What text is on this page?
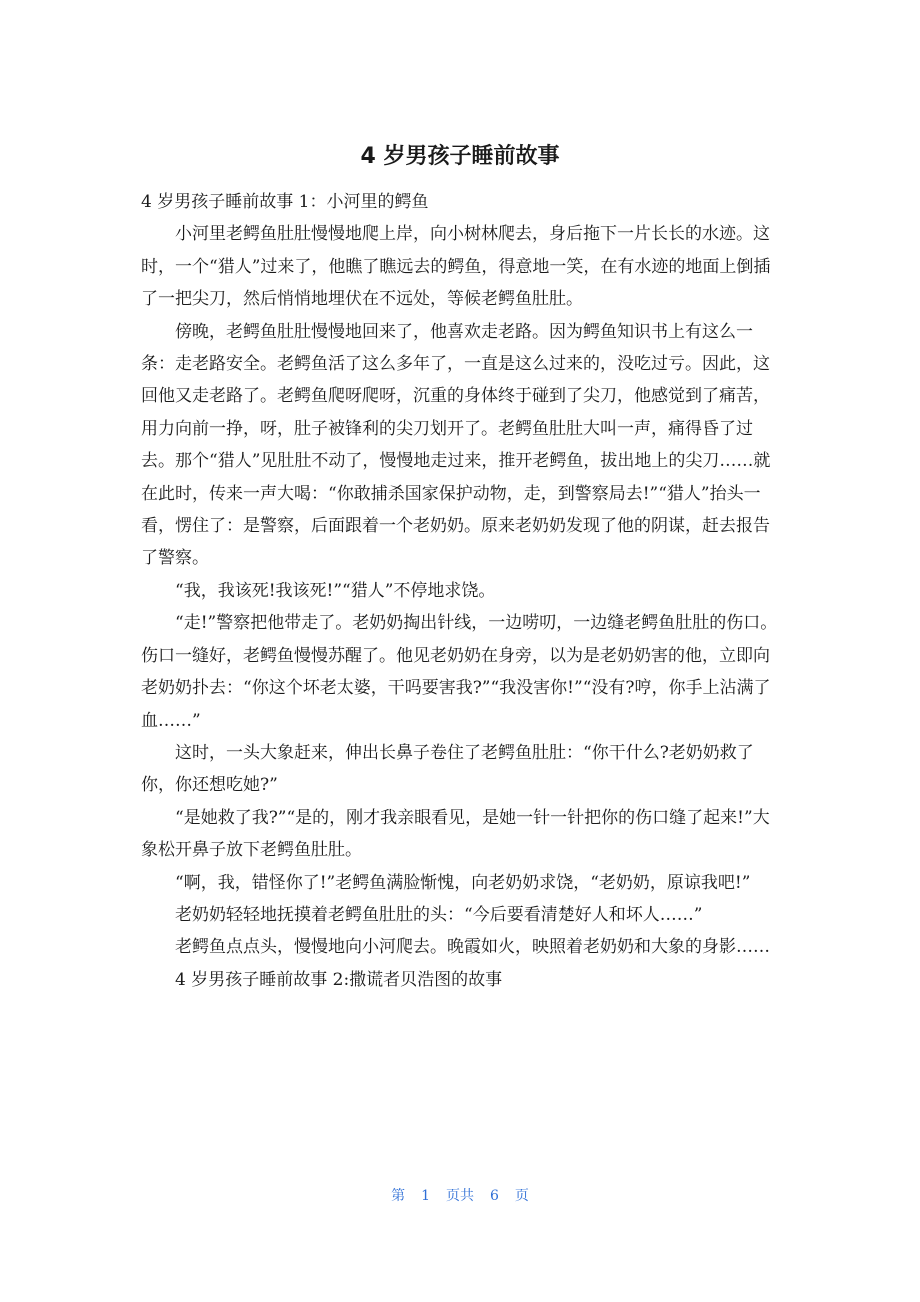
4 岁男孩子睡前故事

4 岁男孩子睡前故事 1：小河里的鳄鱼

小河里老鳄鱼肚肚慢慢地爬上岸，向小树林爬去，身后拖下一片长长的水迹。这时，一个“猎人”过来了，他瞧了瞧远去的鳄鱼，得意地一笑，在有水迹的地面上倒插了一把尖刀，然后悄悄地埋伏在不远处，等候老鳄鱼肚肚。

傍晚，老鳄鱼肚肚慢慢地回来了，他喜欢走老路。因为鳄鱼知识书上有这么一条：走老路安全。老鳄鱼活了这么多年了，一直是这么过来的，没吃过亏。因此，这回他又走老路了。老鳄鱼爬呀爬呀，沉重的身体终于碰到了尖刀，他感觉到了痛苦，用力向前一挣，呀，肚子被锋利的尖刀划开了。老鳄鱼肚肚大叫一声，痛得昏了过去。那个“猎人”见肚肚不动了，慢慢地走过来，推开老鳄鱼，拔出地上的尖刀……就在此时，传来一声大喝：“你敢捕杀国家保护动物，走，到警察局去!”“猎人”抬头一看，愣住了：是警察，后面跟着一个老奶奶。原来老奶奶发现了他的阴谋，赶去报告了警察。

“我，我该死!我该死!”“猎人”不停地求饶。

“走!”警察把他带走了。老奶奶掏出针线，一边唠叨，一边缝老鳄鱼肚肚的伤口。伤口一缝好，老鳄鱼慢慢苏醒了。他见老奶奶在身旁，以为是老奶奶害的他，立即向老奶奶扑去：“你这个坏老太婆，干吗要害我?”“我没害你!”“没有?哼，你手上沾满了血……”

这时，一头大象赶来，伸出长鼻子卷住了老鳄鱼肚肚：“你干什么?老奶奶救了你，你还想吃她?”

“是她救了我?”“是的，刚才我亲眼看见，是她一针一针把你的伤口缝了起来!”大象松开鼻子放下老鳄鱼肚肚。

“啊，我，错怪你了!”老鳄鱼满脸惭愧，向老奶奶求饶，“老奶奶，原谅我吧!”

老奶奶轻轻地抚摸着老鳄鱼肚肚的头：“今后要看清楚好人和坏人……”

老鳄鱼点点头，慢慢地向小河爬去。晚霞如火，映照着老奶奶和大象的身影……

4 岁男孩子睡前故事 2:撒谎者贝浩图的故事

第 1 页共 6 页
